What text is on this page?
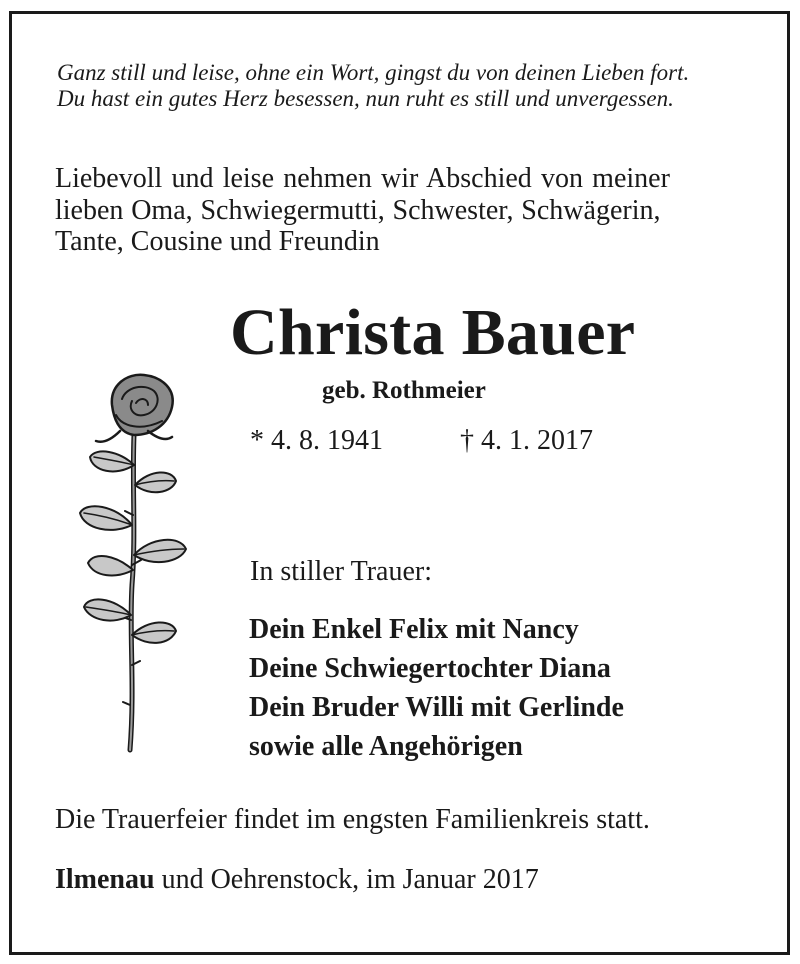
Ganz still und leise, ohne ein Wort, gingst du von deinen Lieben fort.
Du hast ein gutes Herz besessen, nun ruht es still und unvergessen.
Liebevoll und leise nehmen wir Abschied von meiner
lieben Oma, Schwiegermutti, Schwester, Schwägerin,
Tante, Cousine und Freundin
Christa Bauer
geb. Rothmeier
* 4. 8. 1941	† 4. 1. 2017
In stiller Trauer:
Dein Enkel Felix mit Nancy
Deine Schwiegertochter Diana
Dein Bruder Willi mit Gerlinde
sowie alle Angehörigen
Die Trauerfeier findet im engsten Familienkreis statt.
Ilmenau und Oehrenstock, im Januar 2017
